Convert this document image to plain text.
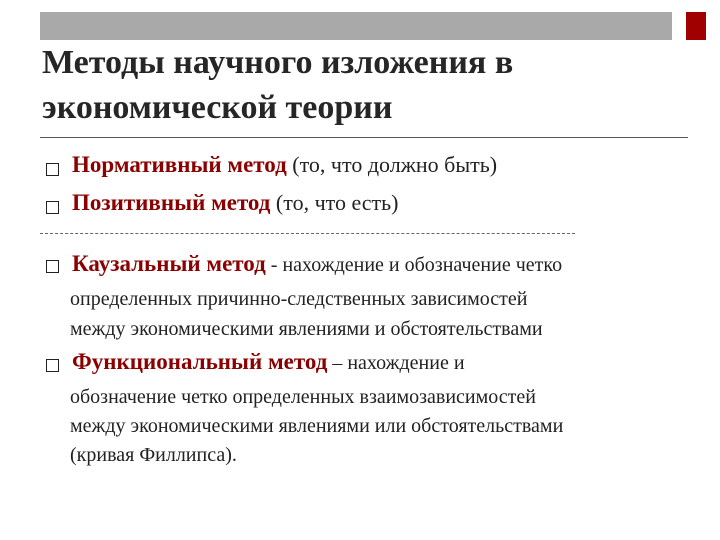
Методы научного изложения в
экономической теории
Нормативный метод (то, что должно быть)
Позитивный метод (то, что есть)
Каузальный метод - нахождение и обозначение четко
определенных причинно-следственных зависимостей
между экономическими явлениями и обстоятельствами
Функциональный метод – нахождение и
обозначение четко определенных взаимозависимостей
между экономическими явлениями или обстоятельствами
(кривая Филлипса).
